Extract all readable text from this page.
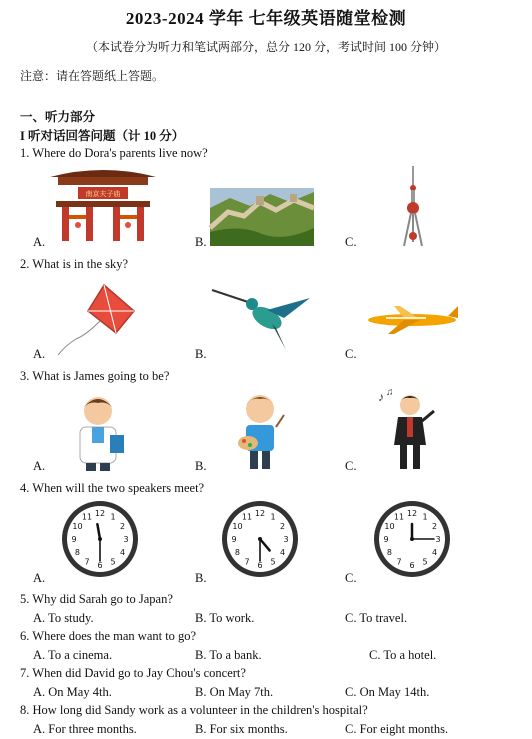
2023-2024 学年 七年级英语随堂检测
（本试卷分为听力和笔试两部分，总分 120 分，考试时间 100 分钟）
注意：请在答题纸上答题。
一、听力部分
I 听对话回答问题（计 10 分）
1. Where do Dora's parents live now?
A.	B.	C.
南京夫子庙
2. What is in the sky?
A.	B.	C.
3. What is James going to be?
A.	B.	C.
♪ ♫
4. When will the two speakers meet?
A.	B.	C.
1
2
3
4
5
6
7
8
9
10
11 12	1
2
3
4
5
6
7
8
9
10
11 12	1
2
3
4
5
6
7
8
9
10
11 12
5. Why did Sarah go to Japan?
A. To study.	B. To work.	C. To travel.
6. Where does the man want to go?
A. To a cinema.	B. To a bank.	C. To a hotel.
7. When did David go to Jay Chou's concert?
A. On May 4th.	B. On May 7th.	C. On May 14th.
8. How long did Sandy work as a volunteer in the children's hospital?
A. For three months.	B. For six months.	C. For eight months.
